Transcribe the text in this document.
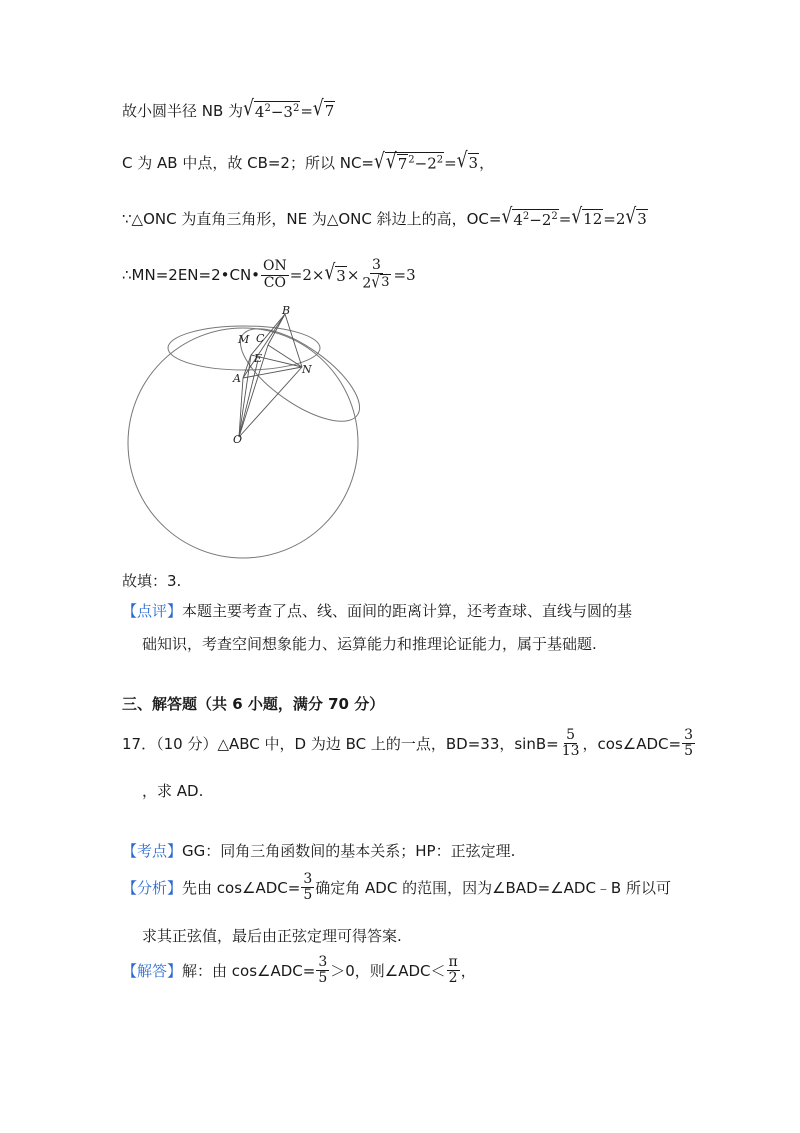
故小圆半径 NB 为 √ $4^2-3^2$ = √ 7
C 为 AB 中点，故 CB=2；所以 NC= √ √ 7 $^2-2^2$ = √ 3 ，
∵△ONC 为直角三角形，NE 为△ONC 斜边上的高，OC= √ $4^2-2^2$ = √ 12 =2 √ 3
∴MN=2EN=2•CN• $\frac{ON}{CO} =2\times$ √ $3 \times \frac{3}{2 √ 3} =3$
B
M C
E
A
N
O
故填：3.
【点评】 本题主要考查了点、线、面间的距离计算，还考查球、直线与圆的基
础知识，考查空间想象能力、运算能力和推理论证能力，属于基础题.
三、解答题（共 6 小题，满分 70 分）
17．（10 分）△ABC 中，D 为边 BC 上的一点，BD=33，$\sin B= \frac{5}{13}$ ，cos∠ADC= $\frac{3}{5}$
，求 AD.
【考点】 GG：同角三角函数间的基本关系；HP：正弦定理.
【分析】 先由 cos∠ADC= $\frac{3}{5}$ 确定角 ADC 的范围，因为∠BAD=∠ADC﹣B 所以可
求其正弦值，最后由正弦定理可得答案.
【解答】 解：由 cos∠ADC= $\frac{3}{5} >0$，则∠ADC＜ $\frac{\pi}{2}$ ，
